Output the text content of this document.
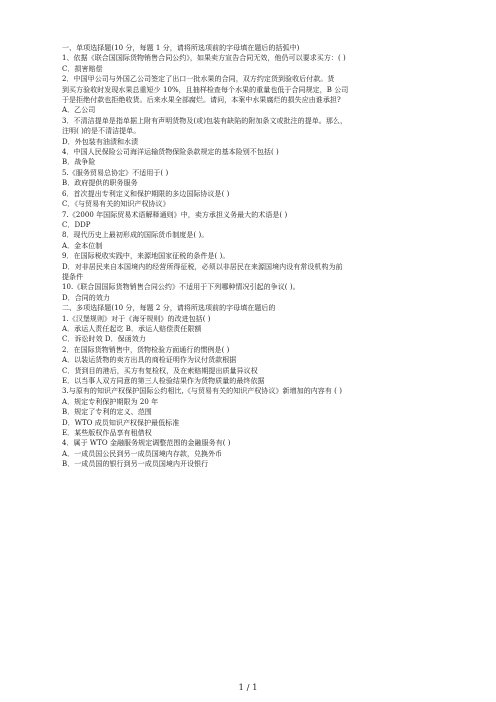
一、单项选择题(10 分，每题 1 分，请将所选项前的字母填在题后的括弧中)
1、依据《联合国国际货物销售合同公约》，如果卖方宣告合同无效，他仍可以要求买方：( )
C．损害赔偿
2．中国甲公司与外国乙公司签定了出口一批水果的合同，双方约定货到验收后付款。货
到买方验收时发现水果总重短少 10%，且抽样检查每个水果的重量也低于合同规定，B 公司
于是拒绝付款也拒绝收货。后来水果全部腐烂。请问，本案中水果腐烂的损失应由谁承担?
A．乙公司
3．不清洁提单是指单据上附有声明货物及(或)包装有缺陷的附加条文或批注的提单。那么，
注明( )的是不清洁提单。
D．外包装有油渍和水渍
4．中国人民保险公司海洋运输货物保险条款规定的基本险别不包括( )
B．战争险
5.《服务贸易总协定》不适用于( )
B．政府提供的职务服务
6．首次提出专利定义和保护期限的多边国际协议是( )
C．《与贸易有关的知识产权协议》
7.《2000 年国际贸易术语解释通则》中，卖方承担义务最大的术语是( )
C．DDP
8．现代历史上最初形成的国际货币制度是( )。
A．金本位制
9．在国际税收实践中，来源地国家征税的条件是( )。
D．对非居民来自本国境内的经营所得征税，必须以非居民在来源国境内设有常设机构为前
提条件
10.《联合国国际货物销售合同公约》不适用于下列哪种情况引起的争议( )。
D．合同的效力
二、多项选择题(10 分，每题 2 分，请将所选项前的字母填在题后的
1.《汉堡规则》对于《海牙规则》的改进包括( )
A．承运人责任起讫 B．承运人赔偿责任限额
C．诉讼时效 D．保函效力
2．在国际货物销售中，货物检验方面通行的惯例是( )
A．以装运货物的卖方出具的商检证明作为议付货款根据
C．货到目的港后，买方有复检权，及在索赔期提出质量异议权
E．以当事人双方同意的第三人检验结果作为货物质量的最终依据
3.与原有的知识产权保护国际公约相比,《与贸易有关的知识产权协议》新增加的内容有 ( )
A．规定专利保护期限为 20 年
B．规定了专利的定义、范围
D．WTO 成员知识产权保护最低标准
E．某些版权作品享有租借权
4．属于 WTO 金融服务规定调整范围的金融服务有( )
A．一成员国公民到另一成员国境内存款，兑换外币
B．一成员国的银行到另一成员国境内开设银行
1 / 1
